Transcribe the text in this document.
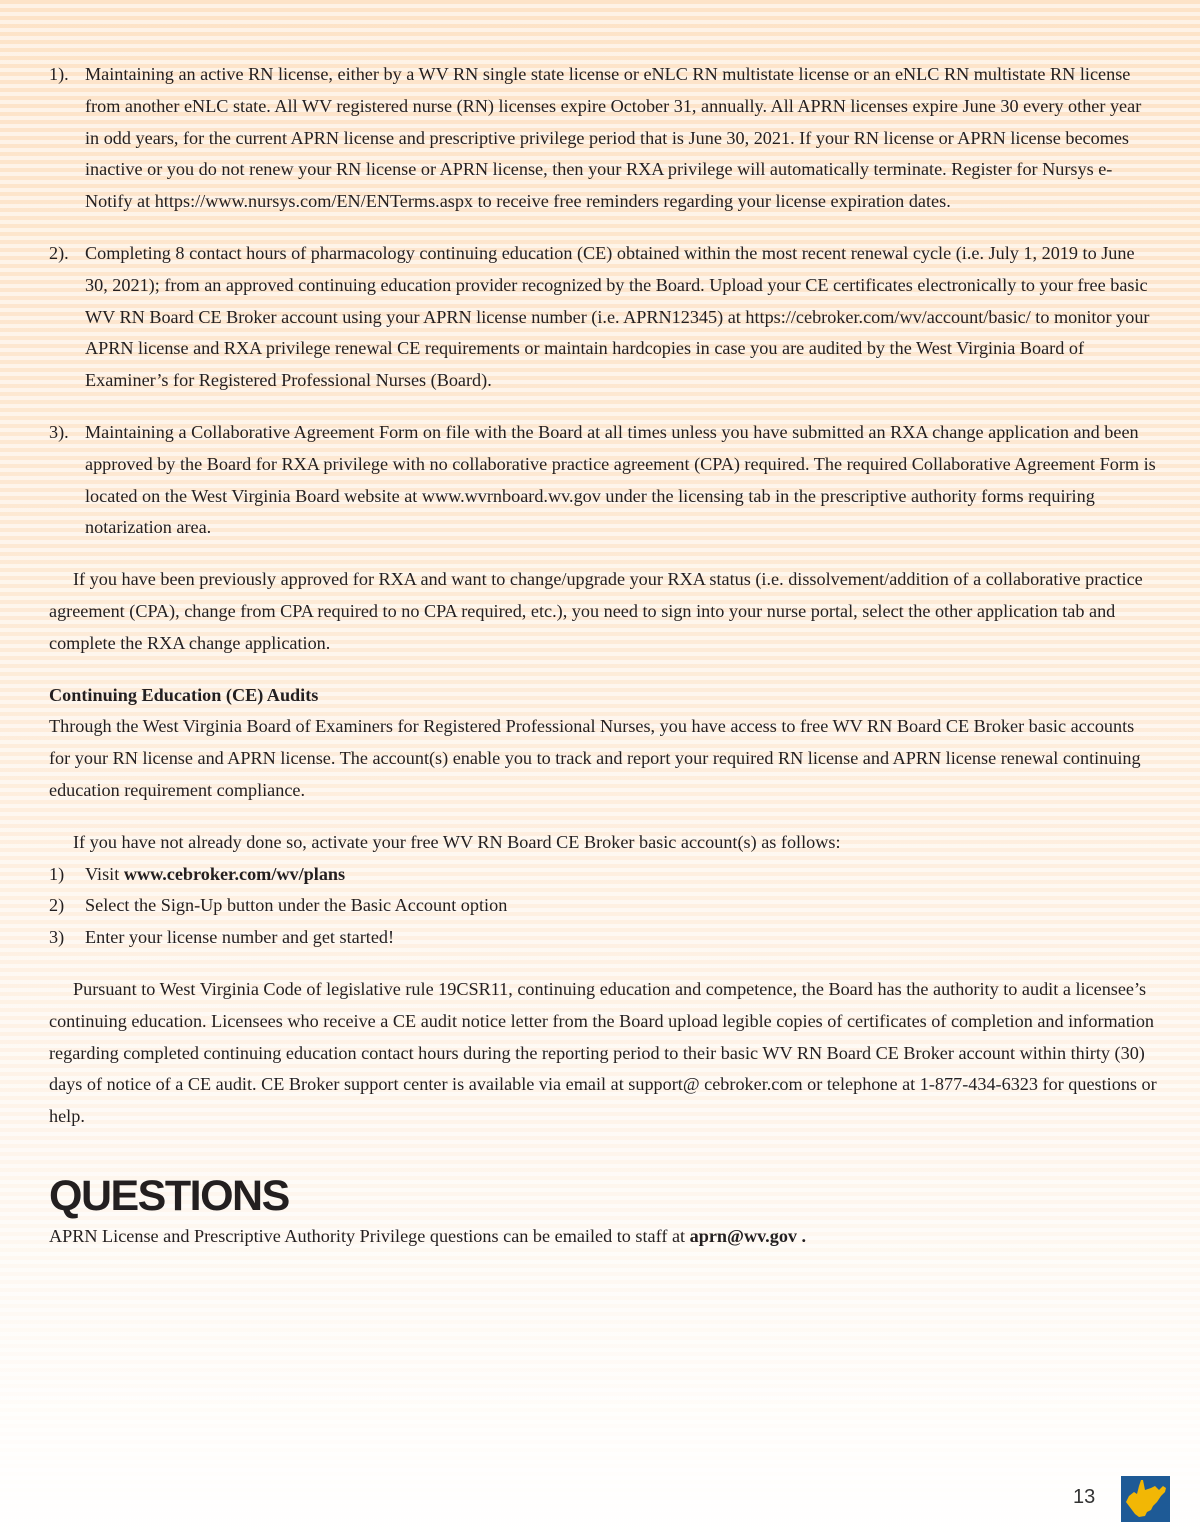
1). Maintaining an active RN license, either by a WV RN single state license or eNLC RN multistate license or an eNLC RN multistate RN license from another eNLC state. All WV registered nurse (RN) licenses expire October 31, annually. All APRN licenses expire June 30 every other year in odd years, for the current APRN license and prescriptive privilege period that is June 30, 2021. If your RN license or APRN license becomes inactive or you do not renew your RN license or APRN license, then your RXA privilege will automatically terminate. Register for Nursys e-Notify at https://www.nursys.com/EN/ENTerms.aspx to receive free reminders regarding your license expiration dates.
2). Completing 8 contact hours of pharmacology continuing education (CE) obtained within the most recent renewal cycle (i.e. July 1, 2019 to June 30, 2021); from an approved continuing education provider recognized by the Board. Upload your CE certificates electronically to your free basic WV RN Board CE Broker account using your APRN license number (i.e. APRN12345) at https://cebroker.com/wv/account/basic/ to monitor your APRN license and RXA privilege renewal CE requirements or maintain hardcopies in case you are audited by the West Virginia Board of Examiner’s for Registered Professional Nurses (Board).
3). Maintaining a Collaborative Agreement Form on file with the Board at all times unless you have submitted an RXA change application and been approved by the Board for RXA privilege with no collaborative practice agreement (CPA) required. The required Collaborative Agreement Form is located on the West Virginia Board website at www.wvrnboard.wv.gov under the licensing tab in the prescriptive authority forms requiring notarization area.

If you have been previously approved for RXA and want to change/upgrade your RXA status (i.e. dissolvement/addition of a collaborative practice agreement (CPA), change from CPA required to no CPA required, etc.), you need to sign into your nurse portal, select the other application tab and complete the RXA change application.

Continuing Education (CE) Audits

Through the West Virginia Board of Examiners for Registered Professional Nurses, you have access to free WV RN Board CE Broker basic accounts for your RN license and APRN license. The account(s) enable you to track and report your required RN license and APRN license renewal continuing education requirement compliance.

If you have not already done so, activate your free WV RN Board CE Broker basic account(s) as follows:

1) Visit www.cebroker.com/wv/plans
2) Select the Sign-Up button under the Basic Account option
3) Enter your license number and get started!

Pursuant to West Virginia Code of legislative rule 19CSR11, continuing education and competence, the Board has the authority to audit a licensee’s continuing education. Licensees who receive a CE audit notice letter from the Board upload legible copies of certificates of completion and information regarding completed continuing education contact hours during the reporting period to their basic WV RN Board CE Broker account within thirty (30) days of notice of a CE audit. CE Broker support center is available via email at support@ cebroker.com or telephone at 1-877-434-6323 for questions or help.

QUESTIONS

APRN License and Prescriptive Authority Privilege questions can be emailed to staff at aprn@wv.gov .

13
